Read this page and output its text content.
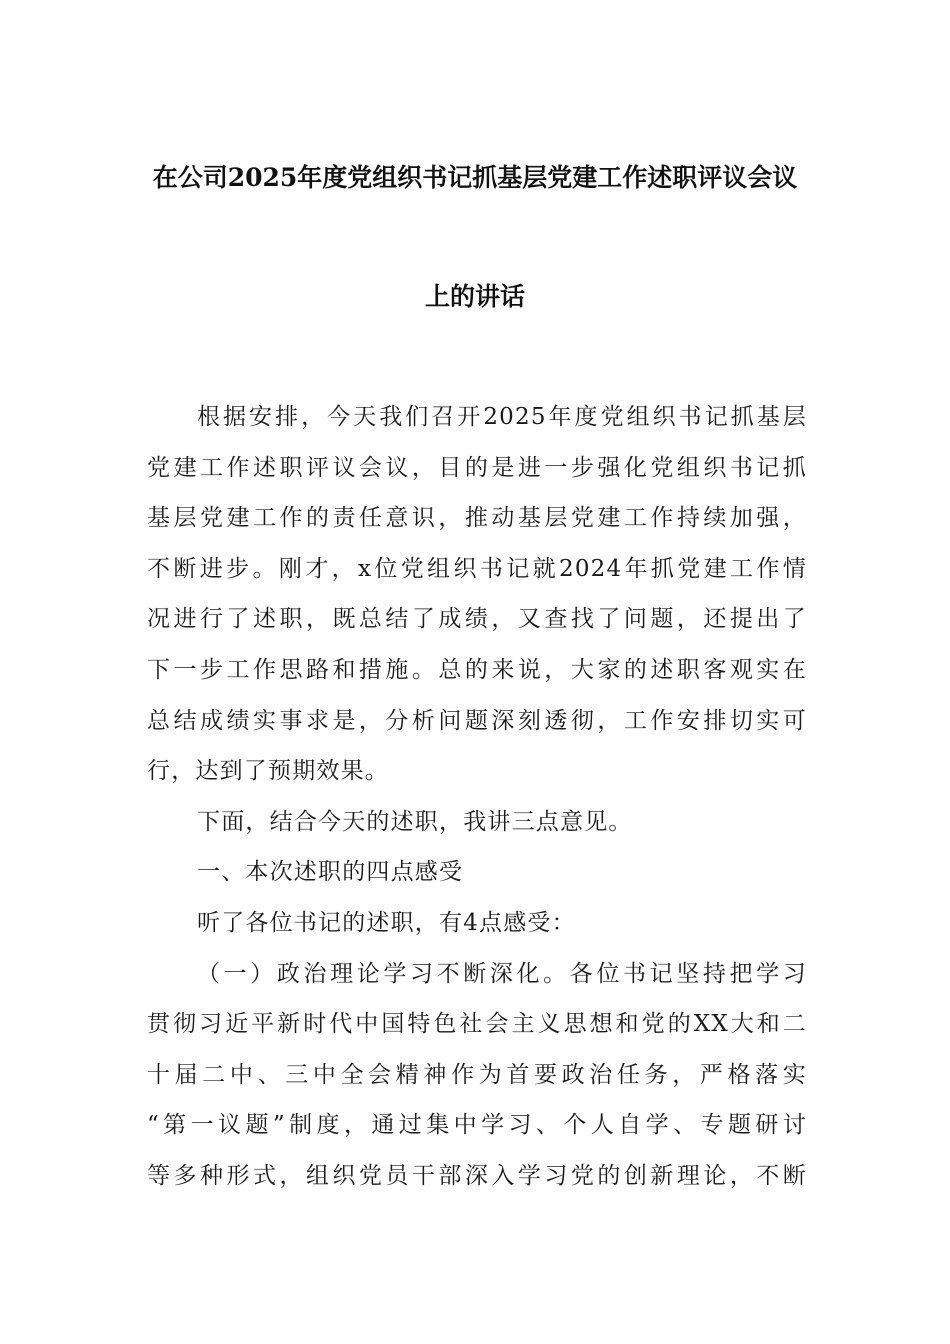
在公司2025年度党组织书记抓基层党建工作述职评议会议
上的讲话
根据安排，今天我们召开2025年度党组织书记抓基层
党建工作述职评议会议，目的是进一步强化党组织书记抓
基层党建工作的责任意识，推动基层党建工作持续加强，
不断进步。刚才，x位党组织书记就2024年抓党建工作情
况进行了述职，既总结了成绩，又查找了问题，还提出了
下一步工作思路和措施。总的来说，大家的述职客观实在
总结成绩实事求是，分析问题深刻透彻，工作安排切实可
行，达到了预期效果。
下面，结合今天的述职，我讲三点意见。
一、本次述职的四点感受
听了各位书记的述职，有4点感受：
（一）政治理论学习不断深化。各位书记坚持把学习
贯彻习近平新时代中国特色社会主义思想和党的XX大和二
十届二中、三中全会精神作为首要政治任务，严格落实
“第一议题”制度，通过集中学习、个人自学、专题研讨
等多种形式，组织党员干部深入学习党的创新理论，不断
